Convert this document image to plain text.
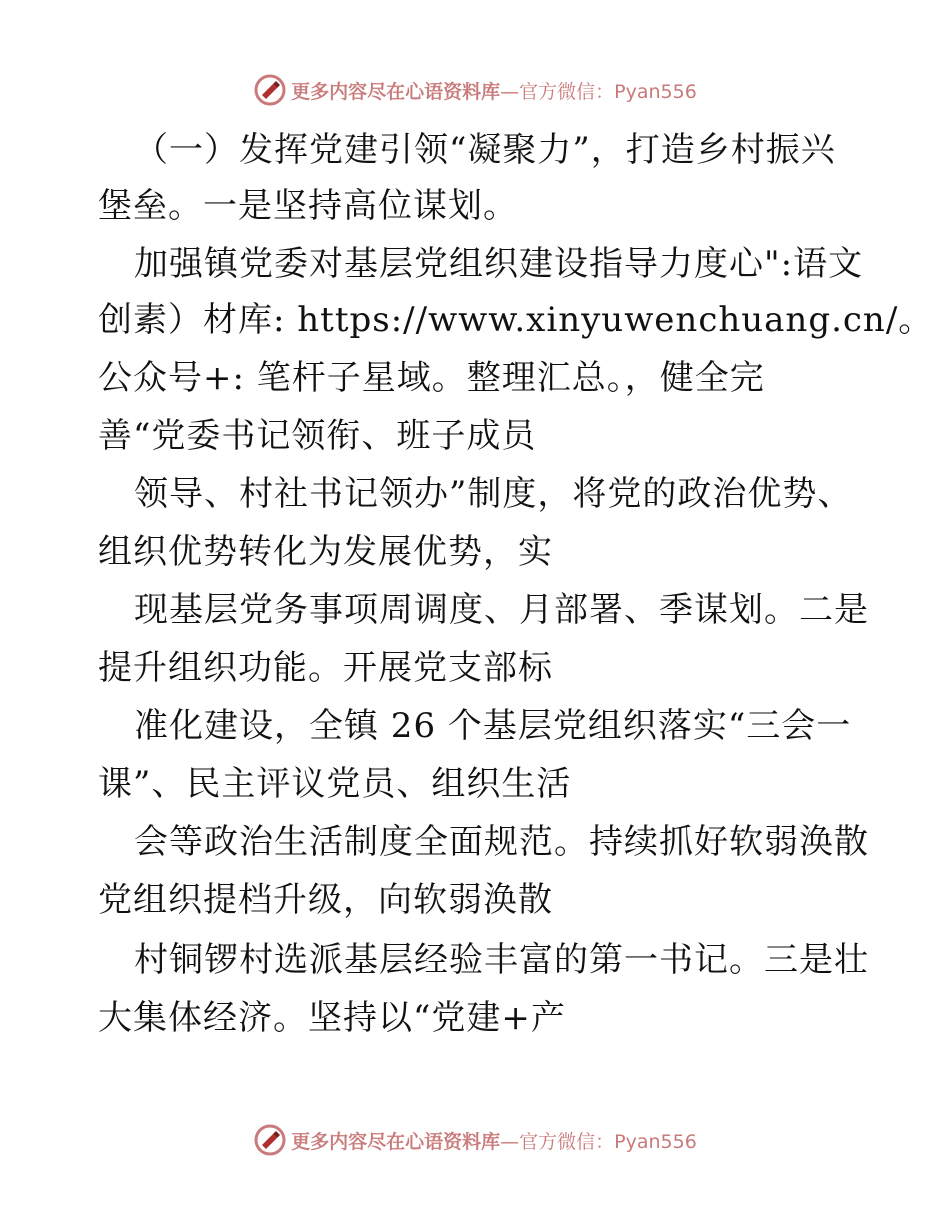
更多内容尽在心语资料库 —官方微信：Pyan556
（一）发挥党建引领“凝聚力”，打造乡村振兴
堡垒。一是坚持高位谋划。
加强镇党委对基层党组织建设指导力度心":语文
创素）材库: https://www.xinyuwenchuang.cn/。
公众号+: 笔杆子星域。整理汇总。，健全完
善“党委书记领衔、班子成员
领导、村社书记领办”制度，将党的政治优势、
组织优势转化为发展优势，实
现基层党务事项周调度、月部署、季谋划。二是
提升组织功能。开展党支部标
准化建设，全镇 26 个基层党组织落实“三会一
课”、民主评议党员、组织生活
会等政治生活制度全面规范。持续抓好软弱涣散
党组织提档升级，向软弱涣散
村铜锣村选派基层经验丰富的第一书记。三是壮
大集体经济。坚持以“党建+产
更多内容尽在心语资料库 —官方微信：Pyan556
